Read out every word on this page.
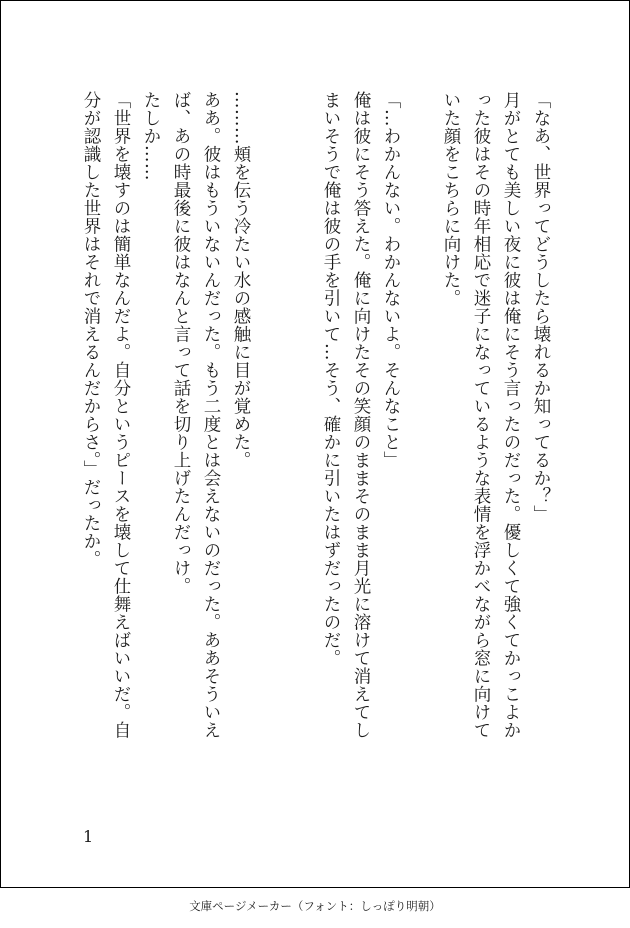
「なあ、世界ってどうしたら壊れるか知ってるか？」
月がとても美しい夜に彼は俺にそう言ったのだった。優しくて強くてかっこよか
った彼はその時年相応で迷子になっているような表情を浮かべながら窓に向けて
いた顔をこちらに向けた。
「…わかんない。わかんないよ。そんなこと」
俺は彼にそう答えた。俺に向けたその笑顔のままそのまま月光に溶けて消えてし
まいそうで俺は彼の手を引いて…そう、確かに引いたはずだったのだ。
………頬を伝う冷たい水の感触に目が覚めた。
ああ。彼はもういないんだった。もう二度とは会えないのだった。ああそういえ
ば、あの時最後に彼はなんと言って話を切り上げたんだっけ。
たしか……
「世界を壊すのは簡単なんだよ。自分というピースを壊して仕舞えばいいだ。自
分が認識した世界はそれで消えるんだからさ。」だったか。
1
文庫ページメーカー（フォント：しっぽり明朝）
